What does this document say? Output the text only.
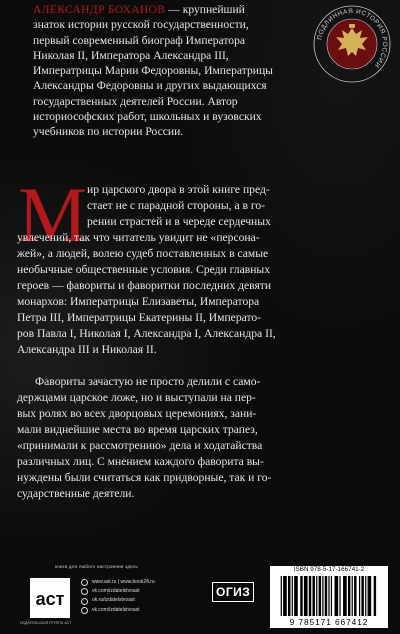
АЛЕКСАНДР БОХАНОВ — крупнейший
знаток истории русской государственности,
первый современный биограф Императора
Николая II, Императора Александра III,
Императрицы Марии Федоровны, Императрицы
Александры Федоровны и других выдающихся
государственных деятелей России. Автор
историософских работ, школьных и вузовских
учебников по истории России.
ПОДЛИННАЯ ИСТОРИЯ РОССИИ
М ир царского двора в этой книге пред-
стает не с парадной стороны, а в го-
рении страстей и в череде сердечных
увлечений, так что читатель увидит не «персона-
жей», а людей, волею судеб поставленных в самые
необычные общественные условия. Среди главных
героев — фавориты и фаворитки последних девяти
монархов: Императрицы Елизаветы, Императора
Петра III, Императрицы Екатерины II, Императо-
ров Павла I, Николая I, Александра I, Александра II,
Александра III и Николая II.
Фавориты зачастую не просто делили с само-
держцами царское ложе, но и выступали на пер-
вых ролях во всех дворцовых церемониях, зани-
мали виднейшие места во время царских трапез,
«принимали к рассмотрению» дела и ходатайства
различных лиц. С мнением каждого фаворита вы-
нуждены были считаться как придворные, так и го-
сударственные деятели.
книги для любого настроения здесь
аст
ИЗДАТЕЛЬСКАЯ ГРУППА АСТ
www.ast.ru | www.book24.ru
vk.com/izdatelstvoast
ok.ru/izdatelstvoast
vk.com/izdatelstvoast
ОГИЗ
ISBN 978-5-17-166741-2
9 785171 667412
